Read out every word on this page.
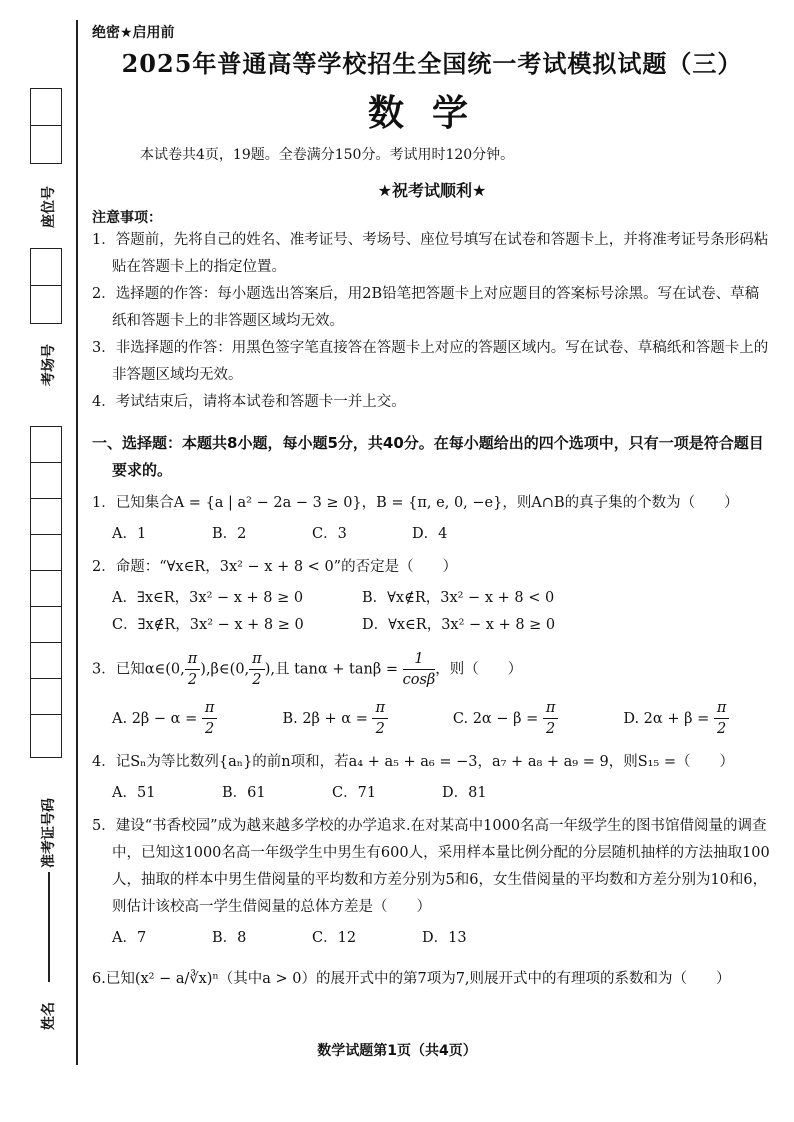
座位号
考场号
准考证号码
姓名
绝密★启用前
2025年普通高等学校招生全国统一考试模拟试题（三）
数学
本试卷共4页，19题。全卷满分150分。考试用时120分钟。
★祝考试顺利★
注意事项：
1．答题前，先将自己的姓名、准考证号、考场号、座位号填写在试卷和答题卡上，并将准考证号条形码粘贴在答题卡上的指定位置。
2．选择题的作答：每小题选出答案后，用2B铅笔把答题卡上对应题目的答案标号涂黑。写在试卷、草稿纸和答题卡上的非答题区域均无效。
3．非选择题的作答：用黑色签字笔直接答在答题卡上对应的答题区域内。写在试卷、草稿纸和答题卡上的非答题区域均无效。
4．考试结束后，请将本试卷和答题卡一并上交。
一、选择题：本题共8小题，每小题5分，共40分。在每小题给出的四个选项中，只有一项是符合题目要求的。
1．已知集合A = {a | a² − 2a − 3 ≥ 0}，B = {π, e, 0, −e}，则A∩B的真子集的个数为（　　）
A．1	B．2	C．3	D．4
2．命题：“∀x∈R，3x² − x + 8 < 0”的否定是（　　）
A．∃x∈R，3x² − x + 8 ≥ 0	B．∀x∉R，3x² − x + 8 < 0
C．∃x∉R，3x² − x + 8 ≥ 0	D．∀x∈R，3x² − x + 8 ≥ 0
3．已知α∈(0, $\frac{\pi}{2}$ ),β∈(0, $\frac{\pi}{2}$ ),且 $\tan\alpha + \tan\beta = \frac{1}{\cos\beta}$ ，则（　　）
A. $2\beta - \alpha = \frac{\pi}{2}$	B. $2\beta + \alpha = \frac{\pi}{2}$	C. $2\alpha - \beta = \frac{\pi}{2}$	D. $2\alpha + \beta = \frac{\pi}{2}$
4．记Sₙ为等比数列{aₙ}的前n项和，若a₄ + a₅ + a₆ = −3，a₇ + a₈ + a₉ = 9，则S₁₅ =（　　）
A．51	B．61	C．71	D．81
5．建设“书香校园”成为越来越多学校的办学追求.在对某高中1000名高一年级学生的图书馆借阅量的调查中，已知这1000名高一年级学生中男生有600人，采用样本量比例分配的分层随机抽样的方法抽取100人，抽取的样本中男生借阅量的平均数和方差分别为5和6，女生借阅量的平均数和方差分别为10和6，则估计该校高一学生借阅量的总体方差是（　　）
A．7	B．8	C．12	D．13
6.已知(x² − a/∛x)ⁿ（其中a > 0）的展开式中的第7项为7,则展开式中的有理项的系数和为（　　）
数学试题第1页（共4页）
